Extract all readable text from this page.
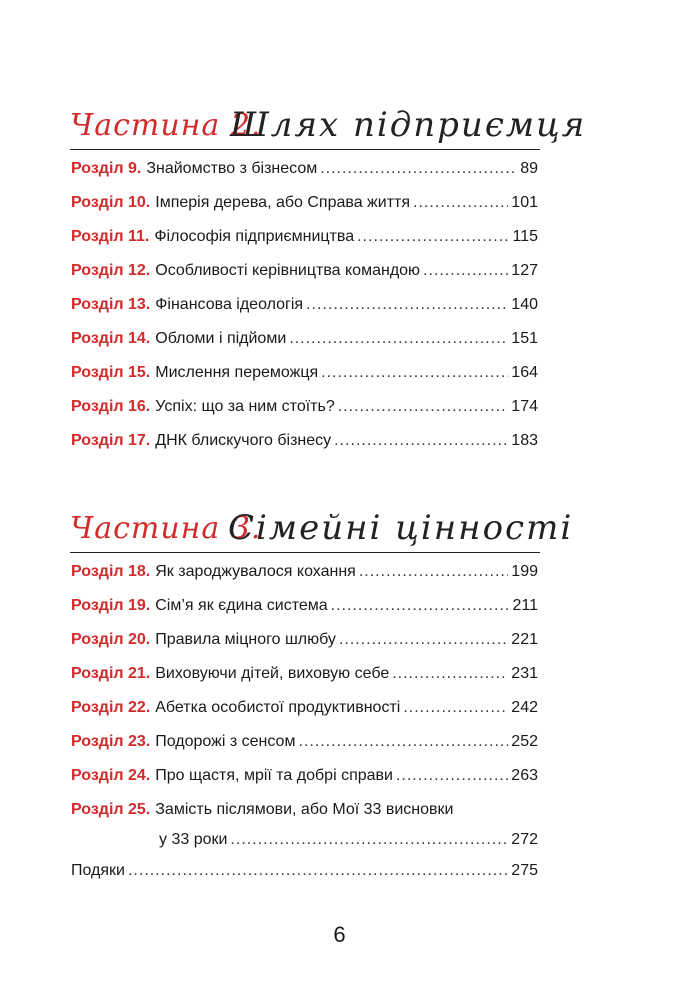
Частина 2.
Шлях підприємця
Розділ 9. Знайомство з бізнесом .....	89
Розділ 10. Імперія дерева, або Справа життя .....	101
Розділ 11. Філософія підприємництва .....	115
Розділ 12. Особливості керівництва командою .....	127
Розділ 13. Фінансова ідеологія .....	140
Розділ 14. Обломи і підйоми .....	151
Розділ 15. Мислення переможця .....	164
Розділ 16. Успіх: що за ним стоїть? .....	174
Розділ 17. ДНК блискучого бізнесу .....	183
Частина 3.
Сімейні цінності
Розділ 18. Як зароджувалося кохання .....	199
Розділ 19. Сім’я як єдина система .....	211
Розділ 20. Правила міцного шлюбу .....	221
Розділ 21. Виховуючи дітей, виховую себе .....	231
Розділ 22. Абетка особистої продуктивності .....	242
Розділ 23. Подорожі з сенсом .....	252
Розділ 24. Про щастя, мрії та добрі справи .....	263
Розділ 25. Замість післямови, або Мої 33 висновки
у 33 роки .....	272
Подяки .....	275
6
